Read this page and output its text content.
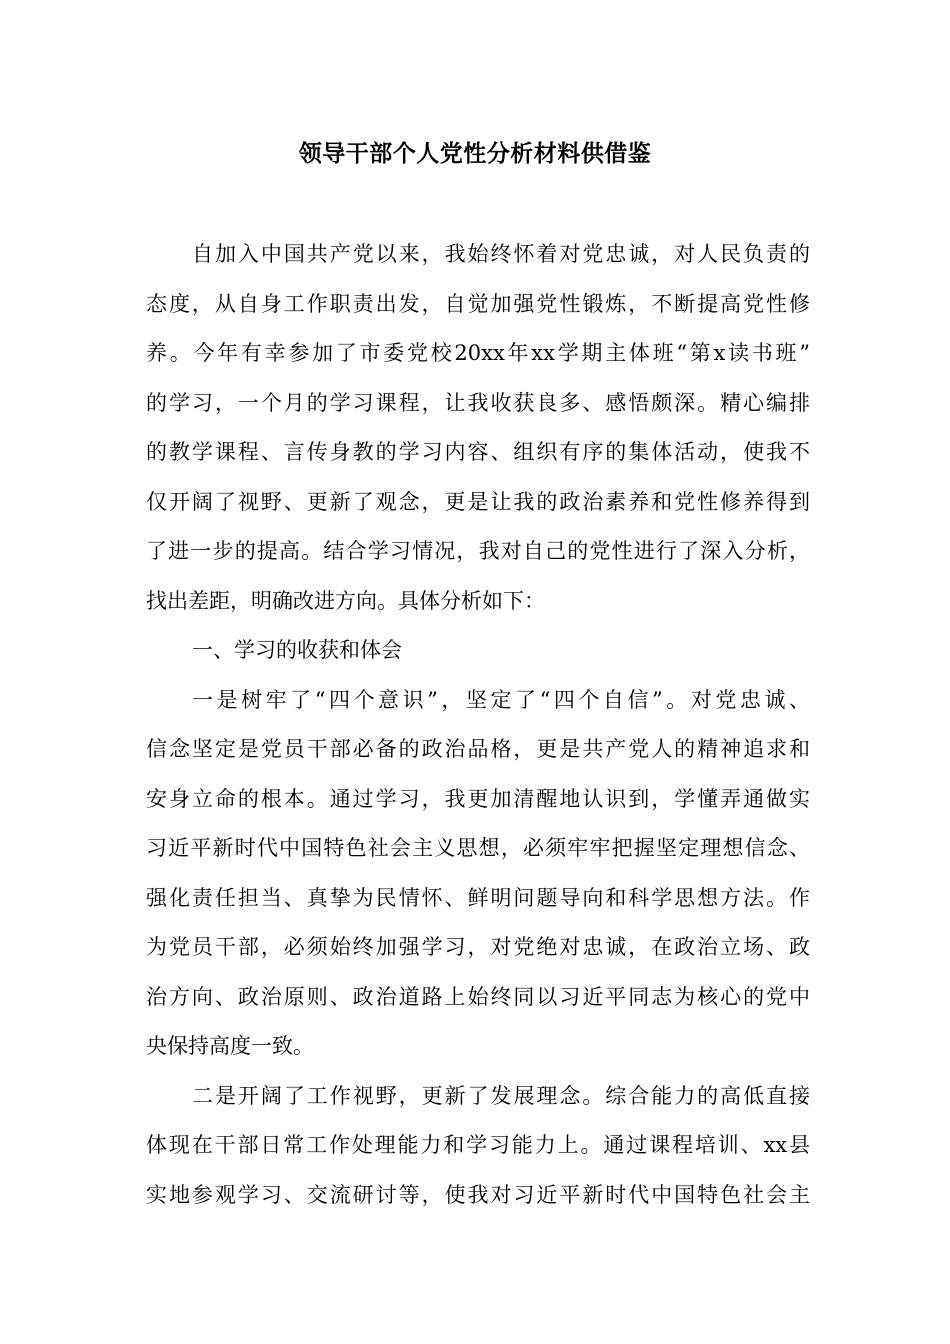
领导干部个人党性分析材料供借鉴
自加入中国共产党以来，我始终怀着对党忠诚，对人民负责的
态度，从自身工作职责出发，自觉加强党性锻炼，不断提高党性修
养。今年有幸参加了市委党校20xx年xx学期主体班“第x读书班”
的学习，一个月的学习课程，让我收获良多、感悟颇深。精心编排
的教学课程、言传身教的学习内容、组织有序的集体活动，使我不
仅开阔了视野、更新了观念，更是让我的政治素养和党性修养得到
了进一步的提高。结合学习情况，我对自己的党性进行了深入分析，
找出差距，明确改进方向。具体分析如下：
一、学习的收获和体会
一是树牢了“四个意识”，坚定了“四个自信”。对党忠诚、
信念坚定是党员干部必备的政治品格，更是共产党人的精神追求和
安身立命的根本。通过学习，我更加清醒地认识到，学懂弄通做实
习近平新时代中国特色社会主义思想，必须牢牢把握坚定理想信念、
强化责任担当、真挚为民情怀、鲜明问题导向和科学思想方法。作
为党员干部，必须始终加强学习，对党绝对忠诚，在政治立场、政
治方向、政治原则、政治道路上始终同以习近平同志为核心的党中
央保持高度一致。
二是开阔了工作视野，更新了发展理念。综合能力的高低直接
体现在干部日常工作处理能力和学习能力上。通过课程培训、xx县
实地参观学习、交流研讨等，使我对习近平新时代中国特色社会主
